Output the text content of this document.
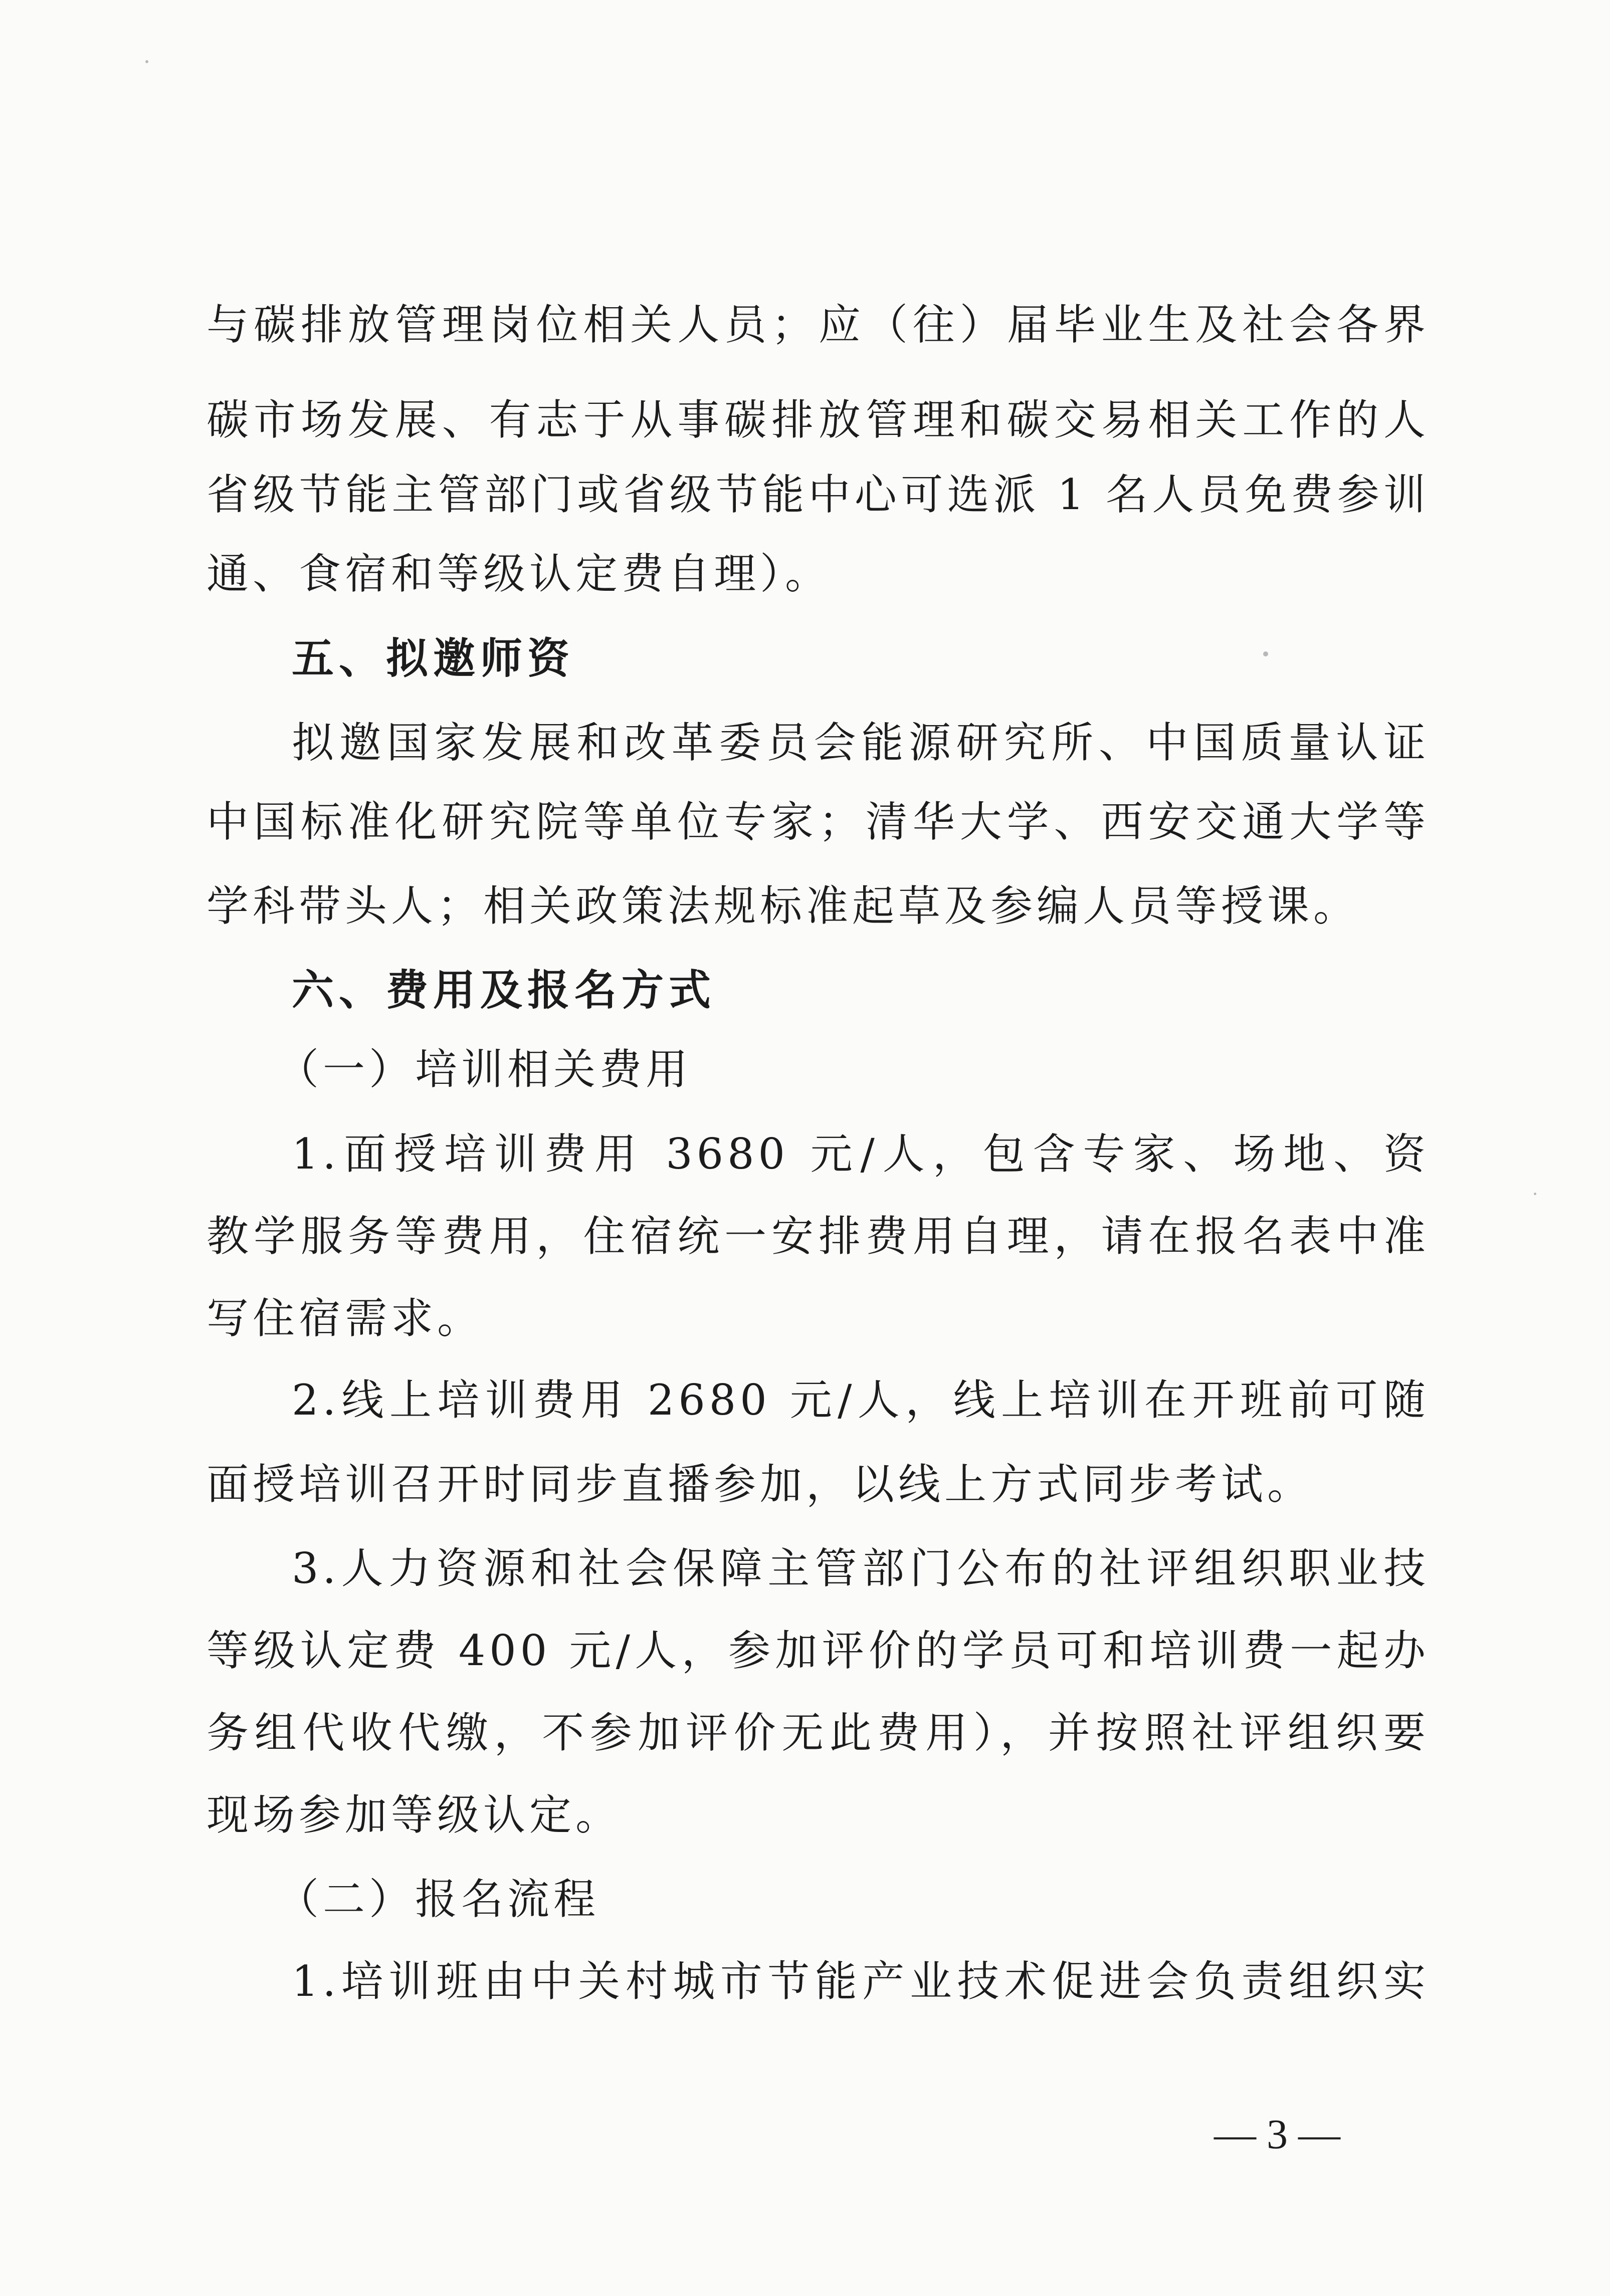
与碳排放管理岗位相关人员；应（往）届毕业生及社会各界
碳市场发展、有志于从事碳排放管理和碳交易相关工作的人
省级节能主管部门或省级节能中心可选派 1 名人员免费参训
通、食宿和等级认定费自理）。
五、拟邀师资
拟邀国家发展和改革委员会能源研究所、中国质量认证
中国标准化研究院等单位专家；清华大学、西安交通大学等
学科带头人；相关政策法规标准起草及参编人员等授课。
六、费用及报名方式
（一）培训相关费用
1.面授培训费用 3680 元/人，包含专家、场地、资
教学服务等费用，住宿统一安排费用自理，请在报名表中准
写住宿需求。
2.线上培训费用 2680 元/人，线上培训在开班前可随
面授培训召开时同步直播参加，以线上方式同步考试。
3.人力资源和社会保障主管部门公布的社评组织职业技
等级认定费 400 元/人，参加评价的学员可和培训费一起办
务组代收代缴，不参加评价无此费用），并按照社评组织要
现场参加等级认定。
（二）报名流程
1.培训班由中关村城市节能产业技术促进会负责组织实
— 3 —
